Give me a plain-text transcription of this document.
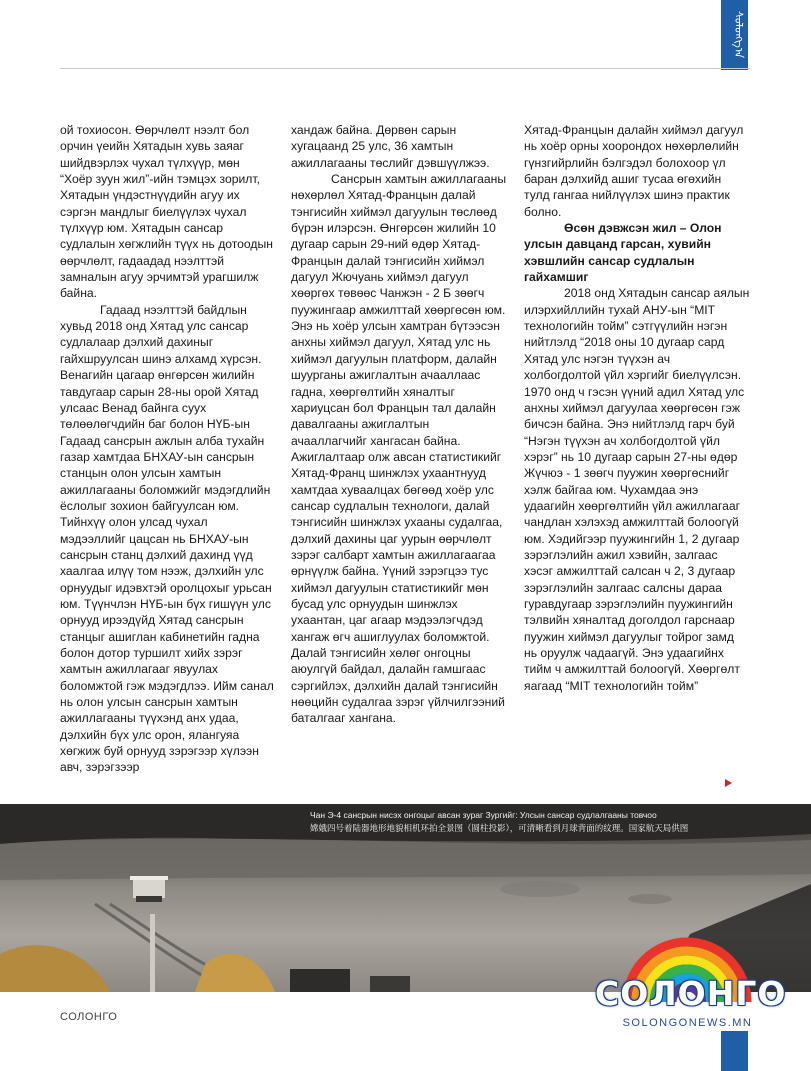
ᠰᠤᠯᠤᠩᠭ᠎ᠠ

ой тохиосон. Өөрчлөлт нээлт бол орчин үеийн Хятадын хувь заяаг шийдвэрлэх чухал түлхүүр, мөн “Хоёр зуун жил”-ийн тэмцэх зорилт, Хятадын үндэстнүүдийн агуу их сэргэн мандлыг биелүүлэх чухал түлхүүр юм. Хятадын сансар судлалын хөгжлийн түүх нь дотоодын өөрчлөлт, гадаадад нээлттэй замналын агуу эрчимтэй урагшилж байна.

Гадаад нээлттэй байдлын хувьд 2018 онд Хятад улс сансар судлалаар дэлхий дахиныг гайхшруулсан шинэ алхамд хүрсэн. Венагийн цагаар өнгөрсөн жилийн тавдугаар сарын 28-ны орой Хятад улсаас Венад байнга суух төлөөлөгчдийн баг болон НҮБ-ын Гадаад сансрын ажлын алба тухайн газар хамтдаа БНХАУ-ын сансрын станцын олон улсын хамтын ажиллагааны боломжийг мэдэгдлийн ёслолыг зохион байгуулсан юм. Тийнхүү олон улсад чухал мэдээллийг цацсан нь БНХАУ-ын сансрын станц дэлхий дахинд үүд хаалгаа илүү том нээж, дэлхийн улс орнуудыг идэвхтэй оролцохыг урьсан юм. Түүнчлэн НҮБ-ын бүх гишүүн улс орнууд ирээдүйд Хятад сансрын станцыг ашиглан кабинетийн гадна болон дотор туршилт хийх зэрэг хамтын ажиллагааг явуулах боломжтой гэж мэдэгдлээ. Ийм санал нь олон улсын сансрын хамтын ажиллагааны түүхэнд анх удаа, дэлхийн бүх улс орон, ялангуяа хөгжиж буй орнууд зэрэгээр хүлээн авч, зэрэгзээр

хандаж байна. Дөрвөн сарын хугацаанд 25 улс, 36 хамтын ажиллагааны төслийг дэвшүүлжээ.

Сансрын хамтын ажиллагааны нөхөрлөл Хятад-Францын далай тэнгисийн хиймэл дагуулын төслөөд бүрэн илэрсэн. Өнгөрсөн жилийн 10 дугаар сарын 29-ний өдөр Хятад-Францын далай тэнгисийн хиймэл дагуул Жючуань хиймэл дагуул хөөргөх төвөөс Чанжэн - 2 Б зөөгч пуужингаар амжилттай хөөргөсөн юм. Энэ нь хоёр улсын хамтран бүтээсэн анхны хиймэл дагуул, Хятад улс нь хиймэл дагуулын платформ, далайн шуурганы ажиглалтын ачааллаас гадна, хөөргөлтийн хяналтыг хариуцсан бол Францын тал далайн давалгааны ажиглалтын ачааллагчийг хангасан байна. Ажиглалтаар олж авсан статистикийг Хятад-Франц шинжлэх ухаантнууд хамтдаа хуваалцах бөгөөд хоёр улс сансар судлалын технологи, далай тэнгисийн шинжлэх ухааны судалгаа, дэлхий дахины цаг уурын өөрчлөлт зэрэг салбарт хамтын ажиллагаагаа өрнүүлж байна. Үүний зэрэгцээ тус хиймэл дагуулын статистикийг мөн бусад улс орнуудын шинжлэх ухаантан, цаг агаар мэдээлэгчдэд хангаж өгч ашиглуулах боломжтой. Далай тэнгисийн хөлөг онгоцны аюулгүй байдал, далайн гамшгаас сэргийлэх, дэлхийн далай тэнгисийн нөөцийн судалгаа зэрэг үйлчилгээний баталгааг хангана.

Хятад-Францын далайн хиймэл дагуул нь хоёр орны хоорондох нөхөрлөлийн гүнзгийрлийн бэлгэдэл болохоор үл баран дэлхийд ашиг тусаа өгөхийн тулд гангаа нийлүүлэх шинэ практик болно.

Өсөн дэвжсэн жил – Олон улсын давцанд гарсан, хувийн хэвшлийн сансар судлалын гайхамшиг

2018 онд Хятадын сансар аялын илэрхийллийн тухай АНУ-ын “MIT технологийн тойм” сэтгүүлийн нэгэн нийтлэлд “2018 оны 10 дугаар сард Хятад улс нэгэн түүхэн ач холбогдолтой үйл хэргийг биелүүлсэн. 1970 онд ч гэсэн үүний адил Хятад улс анхны хиймэл дагуулаа хөөргөсөн гэж бичсэн байна. Энэ нийтлэлд гарч буй “Нэгэн түүхэн ач холбогдолтой үйл хэрэг” нь 10 дугаар сарын 27-ны өдөр Жүчюэ - 1 зөөгч пуужин хөөргөснийг хэлж байгаа юм. Чухамдаа энэ удаагийн хөөргөлтийн үйл ажиллагааг чандлан хэлэхэд амжилттай болоогүй юм. Хэдийгээр пуужингийн 1, 2 дугаар зэрэглэлийн ажил хэвийн, залгаас хэсэг амжилттай салсан ч 2, 3 дугаар зэрэглэлийн залгаас салсны дараа гуравдугаар зэрэглэлийн пуужингийн тэлвийн хяналтад доголдол гарснаар пуужин хиймэл дагуулыг тойрог замд нь оруулж чадаагүй. Энэ удаагийнх тийм ч амжилттай болоогүй. Хөөргөлт яагаад “MIT технологийн тойм”

Чан Э-4 сансрын нисэх онгоцыг авсан зураг Зургийг: Улсын сансар судлалгааны товчоо
嫦娥四号着陆器地形地貌相机环拍全景图（圆柱投影），可清晰看到月球背面的纹理。国家航天局供图
СОЛОНГО
SOLONGONEWS.MN
СОЛОНГО
